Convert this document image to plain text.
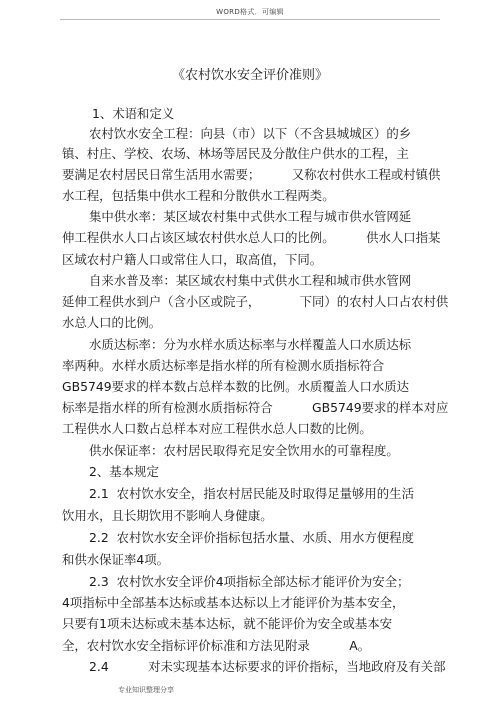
WORD格式．可编辑
《农村饮水安全评价准则》
1、术语和定义
农村饮水安全工程：向县（市）以下（不含县城城区）的乡
镇、村庄、学校、农场、林场等居民及分散住户供水的工程，主
要满足农村居民日常生活用水需要；        又称农村供水工程或村镇供
水工程，包括集中供水工程和分散供水工程两类。
集中供水率：某区域农村集中式供水工程与城市供水管网延
伸工程供水人口占该区域农村供水总人口的比例。        供水人口指某
区域农村户籍人口或常住人口，取高值，下同。
自来水普及率：某区域农村集中式供水工程和城市供水管网
延伸工程供水到户（含小区或院子，          下同）的农村人口占农村供
水总人口的比例。
水质达标率：分为水样水质达标率与水样覆盖人口水质达标
率两种。水样水质达标率是指水样的所有检测水质指标符合
GB5749要求的样本数占总样本数的比例。水质覆盖人口水质达
标率是指水样的所有检测水质指标符合          GB5749要求的样本对应
工程供水人口数占总样本对应工程供水总人口数的比例。
供水保证率：农村居民取得充足安全饮用水的可靠程度。
2、基本规定
2.1  农村饮水安全，指农村居民能及时取得足量够用的生活
饮用水，且长期饮用不影响人身健康。
2.2  农村饮水安全评价指标包括水量、水质、用水方便程度
和供水保证率4项。
2.3  农村饮水安全评价4项指标全部达标才能评价为安全；
4项指标中全部基本达标或基本达标以上才能评价为基本安全，
只要有1项未达标或未基本达标，就不能评价为安全或基本安
全，农村饮水安全指标评价标准和方法见附录          A。
2.4          对未实现基本达标要求的评价指标，当地政府及有关部
专业知识整理分享
